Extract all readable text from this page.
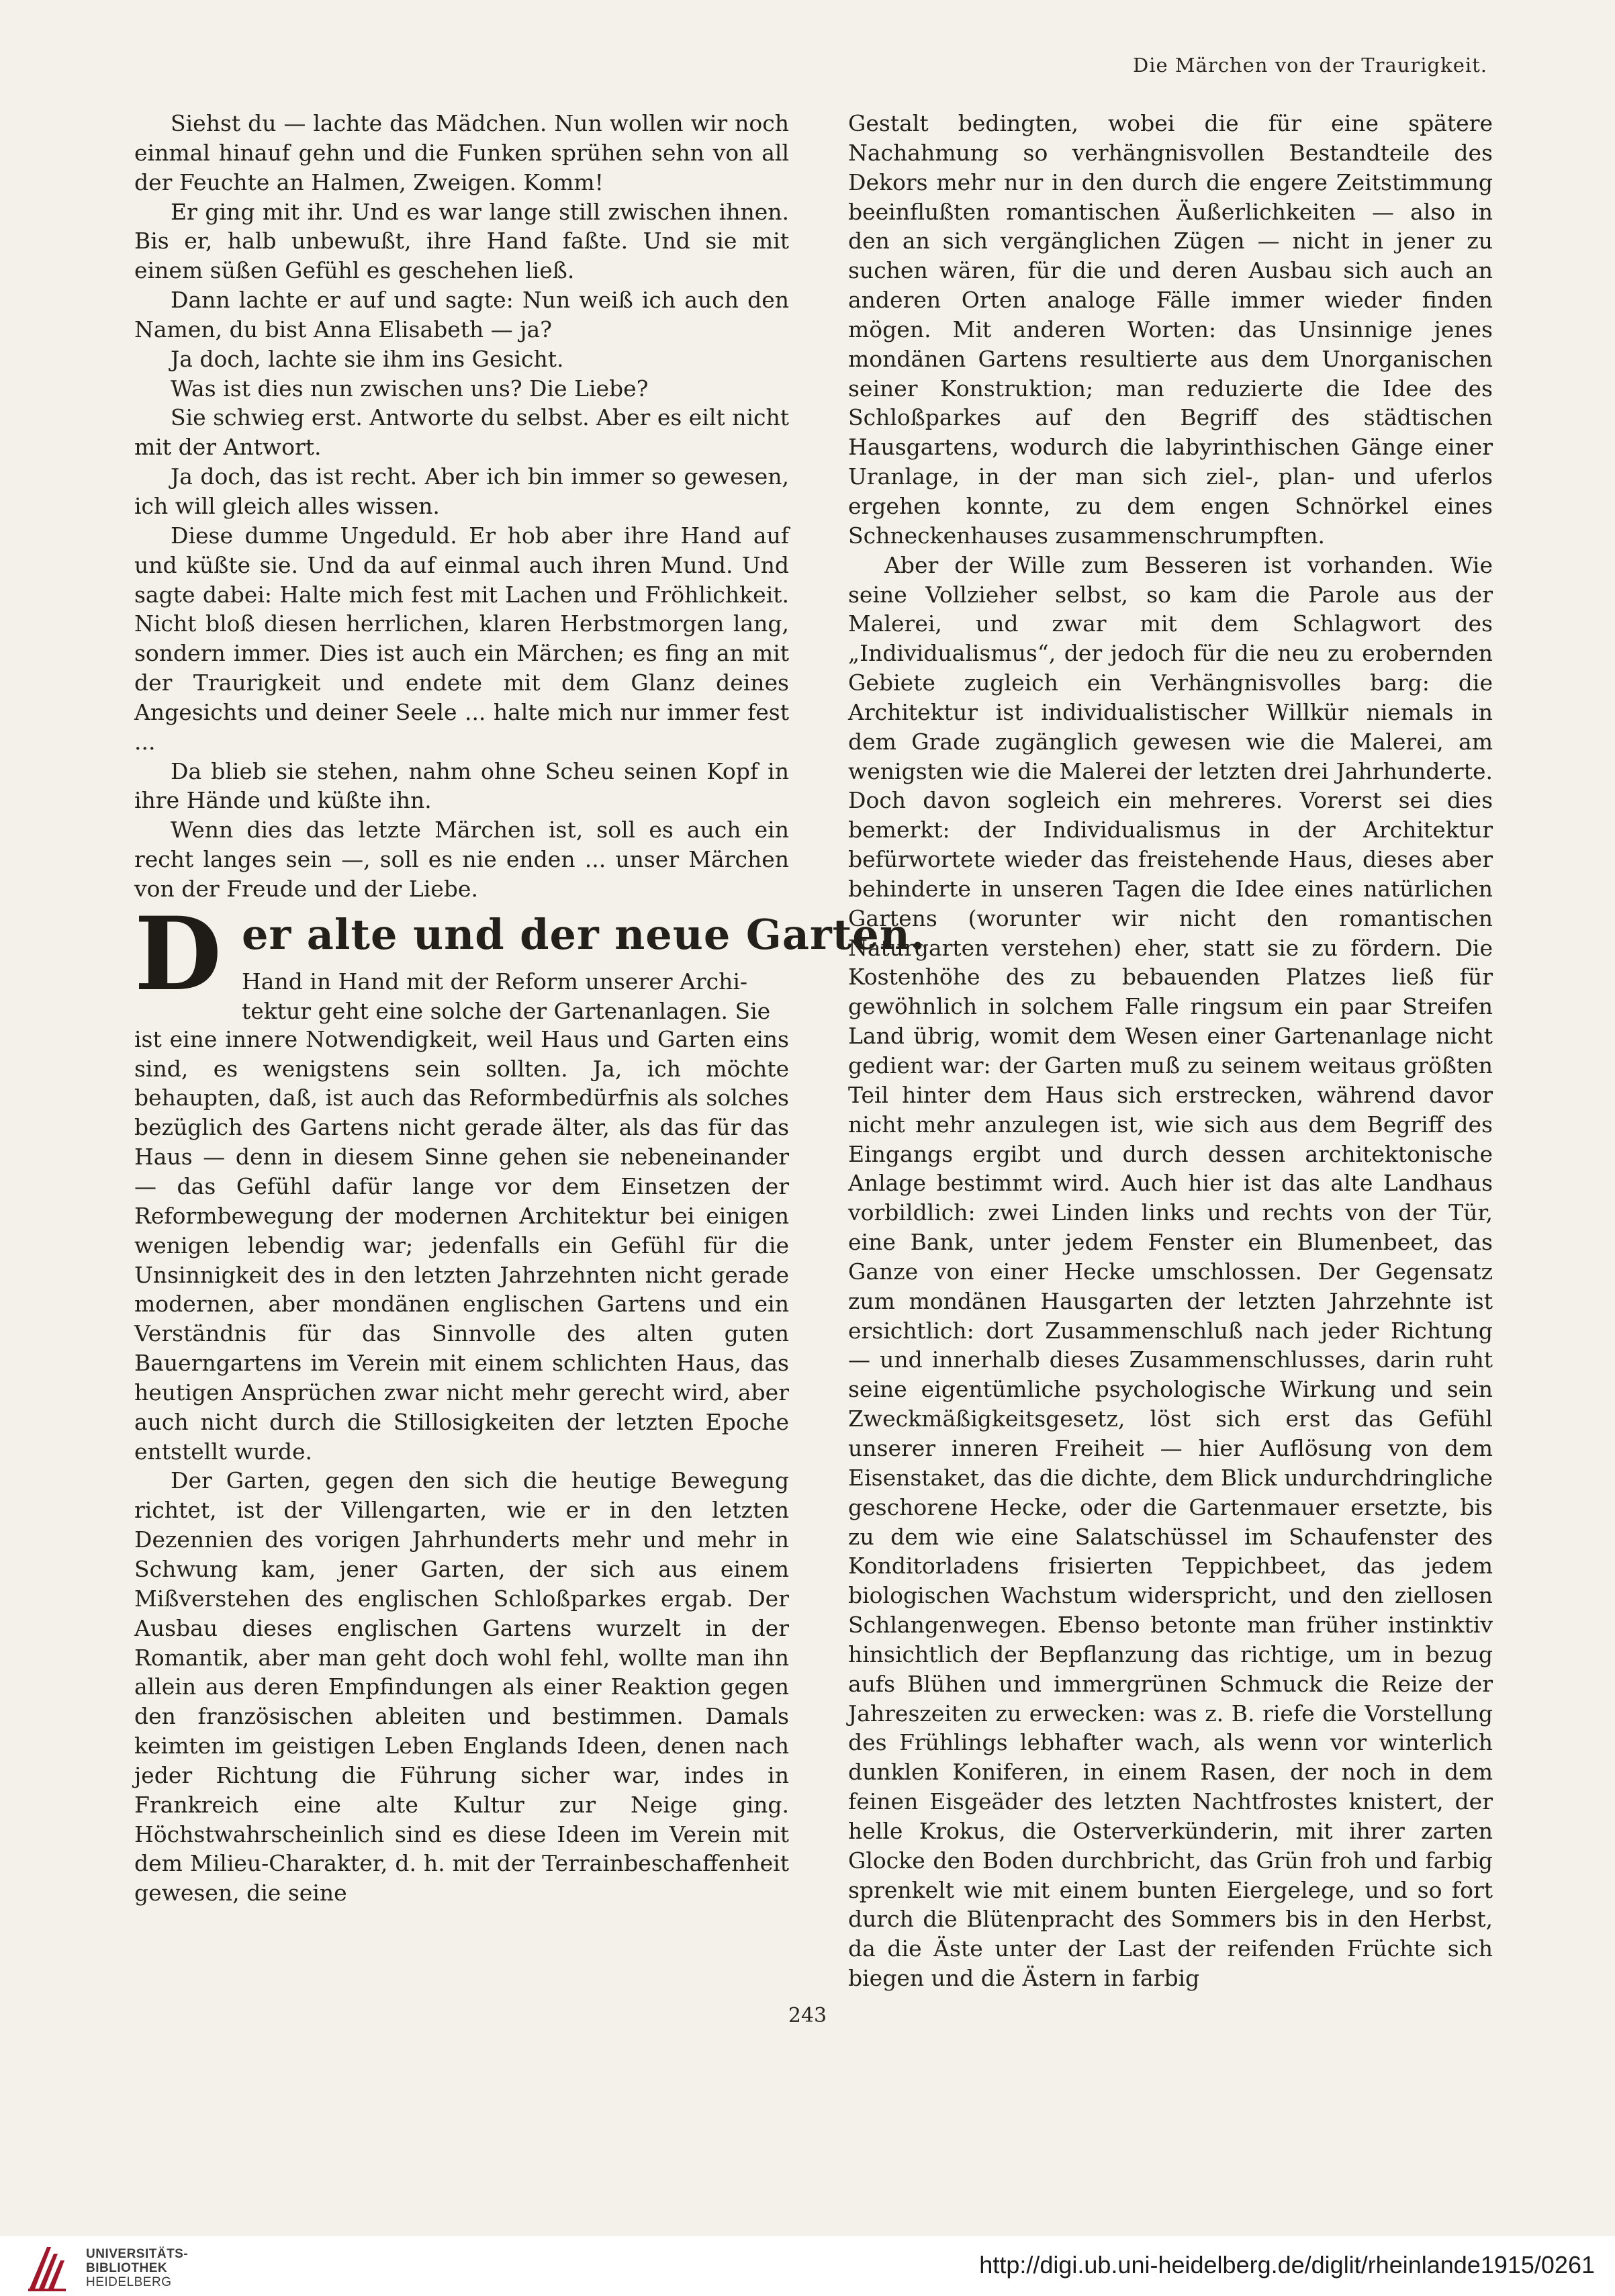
Die Märchen von der Traurigkeit.

Siehst du — lachte das Mädchen. Nun wollen wir noch einmal hinauf gehn und die Funken sprühen sehn von all der Feuchte an Halmen, Zweigen. Komm!

Er ging mit ihr. Und es war lange still zwischen ihnen. Bis er, halb unbewußt, ihre Hand faßte. Und sie mit einem süßen Gefühl es geschehen ließ.

Dann lachte er auf und sagte: Nun weiß ich auch den Namen, du bist Anna Elisabeth — ja?

Ja doch, lachte sie ihm ins Gesicht.

Was ist dies nun zwischen uns? Die Liebe?

Sie schwieg erst. Antworte du selbst. Aber es eilt nicht mit der Antwort.

Ja doch, das ist recht. Aber ich bin immer so gewesen, ich will gleich alles wissen.

Diese dumme Ungeduld. Er hob aber ihre Hand auf und küßte sie. Und da auf einmal auch ihren Mund. Und sagte dabei: Halte mich fest mit Lachen und Fröhlichkeit. Nicht bloß diesen herrlichen, klaren Herbstmorgen lang, sondern immer. Dies ist auch ein Märchen; es fing an mit der Traurigkeit und endete mit dem Glanz deines Angesichts und deiner Seele ... halte mich nur immer fest ...

Da blieb sie stehen, nahm ohne Scheu seinen Kopf in ihre Hände und küßte ihn.

Wenn dies das letzte Märchen ist, soll es auch ein recht langes sein —, soll es nie enden ... unser Märchen von der Freude und der Liebe.

D er alte und der neue Garten.

Hand in Hand mit der Reform unserer Archi-

tektur geht eine solche der Gartenanlagen. Sie

ist eine innere Notwendigkeit, weil Haus und Garten eins sind, es wenigstens sein sollten. Ja, ich möchte behaupten, daß, ist auch das Reformbedürfnis als solches bezüglich des Gartens nicht gerade älter, als das für das Haus — denn in diesem Sinne gehen sie nebeneinander — das Gefühl dafür lange vor dem Einsetzen der Reformbewegung der modernen Architektur bei einigen wenigen lebendig war; jedenfalls ein Gefühl für die Unsinnigkeit des in den letzten Jahrzehnten nicht gerade modernen, aber mondänen englischen Gartens und ein Verständnis für das Sinnvolle des alten guten Bauerngartens im Verein mit einem schlichten Haus, das heutigen Ansprüchen zwar nicht mehr gerecht wird, aber auch nicht durch die Stillosigkeiten der letzten Epoche entstellt wurde.

Der Garten, gegen den sich die heutige Bewegung richtet, ist der Villengarten, wie er in den letzten Dezennien des vorigen Jahrhunderts mehr und mehr in Schwung kam, jener Garten, der sich aus einem Mißverstehen des englischen Schloßparkes ergab. Der Ausbau dieses englischen Gartens wurzelt in der Romantik, aber man geht doch wohl fehl, wollte man ihn allein aus deren Empfindungen als einer Reaktion gegen den französischen ableiten und bestimmen. Damals keimten im geistigen Leben Englands Ideen, denen nach jeder Richtung die Führung sicher war, indes in Frankreich eine alte Kultur zur Neige ging. Höchstwahrscheinlich sind es diese Ideen im Verein mit dem Milieu-Charakter, d. h. mit der Terrainbeschaffenheit gewesen, die seine

Gestalt bedingten, wobei die für eine spätere Nachahmung so verhängnisvollen Bestandteile des Dekors mehr nur in den durch die engere Zeitstimmung beeinflußten romantischen Äußerlichkeiten — also in den an sich vergänglichen Zügen — nicht in jener zu suchen wären, für die und deren Ausbau sich auch an anderen Orten analoge Fälle immer wieder finden mögen. Mit anderen Worten: das Unsinnige jenes mondänen Gartens resultierte aus dem Unorganischen seiner Konstruktion; man reduzierte die Idee des Schloßparkes auf den Begriff des städtischen Hausgartens, wodurch die labyrinthischen Gänge einer Uranlage, in der man sich ziel-, plan- und uferlos ergehen konnte, zu dem engen Schnörkel eines Schneckenhauses zusammenschrumpften.

Aber der Wille zum Besseren ist vorhanden. Wie seine Vollzieher selbst, so kam die Parole aus der Malerei, und zwar mit dem Schlagwort des „Individualismus“, der jedoch für die neu zu erobernden Gebiete zugleich ein Verhängnisvolles barg: die Architektur ist individualistischer Willkür niemals in dem Grade zugänglich gewesen wie die Malerei, am wenigsten wie die Malerei der letzten drei Jahrhunderte. Doch davon sogleich ein mehreres. Vorerst sei dies bemerkt: der Individualismus in der Architektur befürwortete wieder das freistehende Haus, dieses aber behinderte in unseren Tagen die Idee eines natürlichen Gartens (worunter wir nicht den romantischen Naturgarten verstehen) eher, statt sie zu fördern. Die Kostenhöhe des zu bebauenden Platzes ließ für gewöhnlich in solchem Falle ringsum ein paar Streifen Land übrig, womit dem Wesen einer Gartenanlage nicht gedient war: der Garten muß zu seinem weitaus größten Teil hinter dem Haus sich erstrecken, während davor nicht mehr anzulegen ist, wie sich aus dem Begriff des Eingangs ergibt und durch dessen architektonische Anlage bestimmt wird. Auch hier ist das alte Landhaus vorbildlich: zwei Linden links und rechts von der Tür, eine Bank, unter jedem Fenster ein Blumenbeet, das Ganze von einer Hecke umschlossen. Der Gegensatz zum mondänen Hausgarten der letzten Jahrzehnte ist ersichtlich: dort Zusammenschluß nach jeder Richtung — und innerhalb dieses Zusammenschlusses, darin ruht seine eigentümliche psychologische Wirkung und sein Zweckmäßigkeitsgesetz, löst sich erst das Gefühl unserer inneren Freiheit — hier Auflösung von dem Eisenstaket, das die dichte, dem Blick undurchdringliche geschorene Hecke, oder die Gartenmauer ersetzte, bis zu dem wie eine Salatschüssel im Schaufenster des Konditorladens frisierten Teppichbeet, das jedem biologischen Wachstum widerspricht, und den ziellosen Schlangenwegen. Ebenso betonte man früher instinktiv hinsichtlich der Bepflanzung das richtige, um in bezug aufs Blühen und immergrünen Schmuck die Reize der Jahreszeiten zu erwecken: was z. B. riefe die Vorstellung des Frühlings lebhafter wach, als wenn vor winterlich dunklen Koniferen, in einem Rasen, der noch in dem feinen Eisgeäder des letzten Nachtfrostes knistert, der helle Krokus, die Osterverkünderin, mit ihrer zarten Glocke den Boden durchbricht, das Grün froh und farbig sprenkelt wie mit einem bunten Eiergelege, und so fort durch die Blütenpracht des Sommers bis in den Herbst, da die Äste unter der Last der reifenden Früchte sich biegen und die Ästern in farbig

243
UNIVERSITÄTS-
BIBLIOTHEK
HEIDELBERG
http://digi.ub.uni-heidelberg.de/diglit/rheinlande1915/0261
